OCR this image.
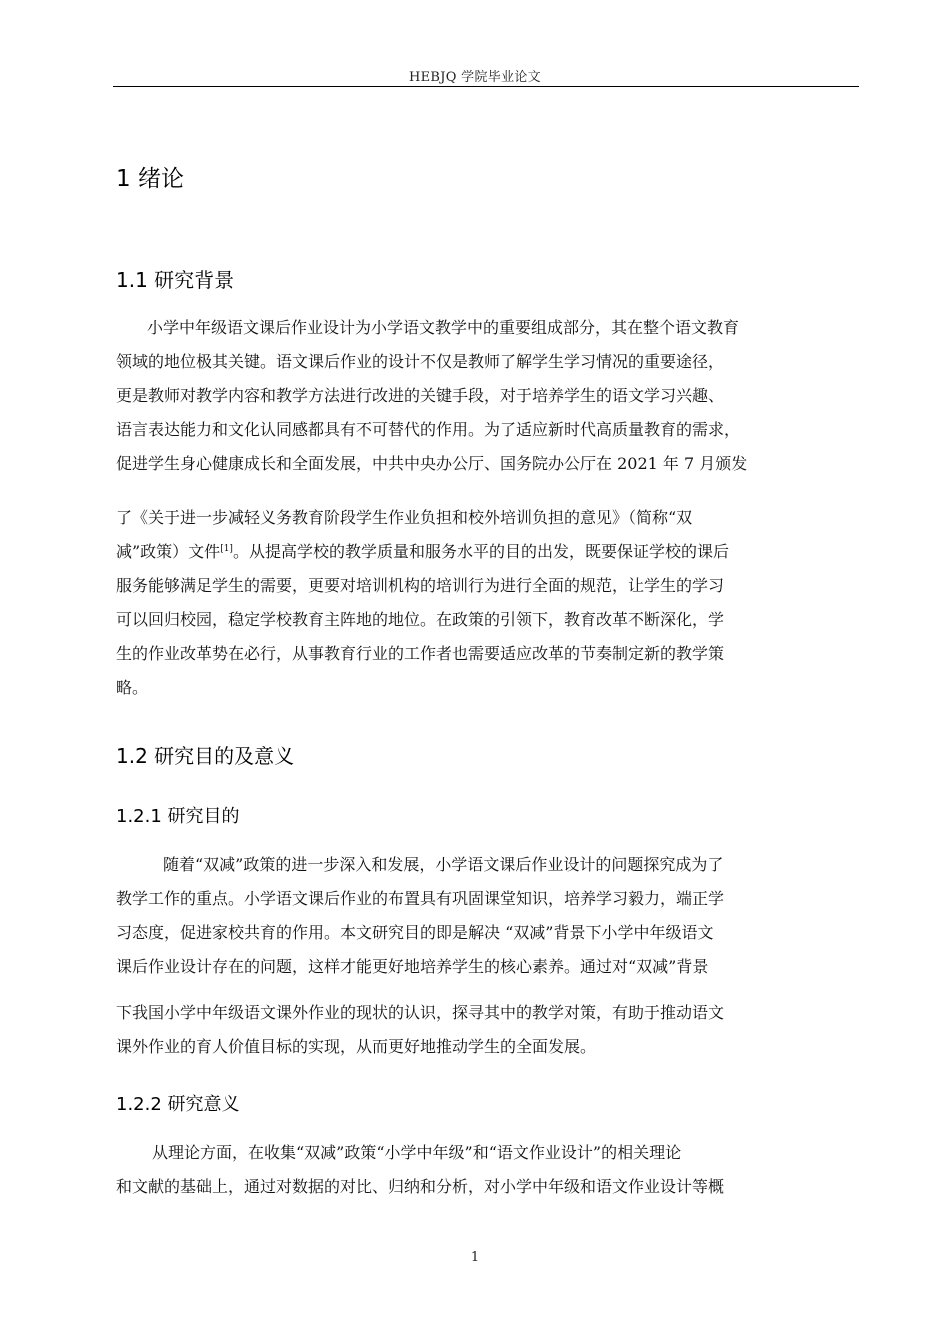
HEBJQ 学院毕业论文
1 绪论
1.1 研究背景

小学中年级语文课后作业设计为小学语文教学中的重要组成部分，其在整个语文教育

领域的地位极其关键。语文课后作业的设计不仅是教师了解学生学习情况的重要途径，

更是教师对教学内容和教学方法进行改进的关键手段，对于培养学生的语文学习兴趣、

语言表达能力和文化认同感都具有不可替代的作用。为了适应新时代高质量教育的需求，

促进学生身心健康成长和全面发展，中共中央办公厅、国务院办公厅在 2021 年 7 月颁发

了《关于进一步减轻义务教育阶段学生作业负担和校外培训负担的意见》（简称“双

减”政策）文件[1]。从提高学校的教学质量和服务水平的目的出发，既要保证学校的课后

服务能够满足学生的需要，更要对培训机构的培训行为进行全面的规范，让学生的学习

可以回归校园，稳定学校教育主阵地的地位。在政策的引领下，教育改革不断深化，学

生的作业改革势在必行，从事教育行业的工作者也需要适应改革的节奏制定新的教学策

略。

1.2 研究目的及意义
1.2.1 研究目的

随着“双减”政策的进一步深入和发展，小学语文课后作业设计的问题探究成为了

教学工作的重点。小学语文课后作业的布置具有巩固课堂知识，培养学习毅力，端正学

习态度，促进家校共育的作用。本文研究目的即是解决 “双减”背景下小学中年级语文

课后作业设计存在的问题，这样才能更好地培养学生的核心素养。通过对“双减”背景

下我国小学中年级语文课外作业的现状的认识，探寻其中的教学对策，有助于推动语文

课外作业的育人价值目标的实现，从而更好地推动学生的全面发展。

1.2.2 研究意义

从理论方面，在收集“双减”政策“小学中年级”和“语文作业设计”的相关理论

和文献的基础上，通过对数据的对比、归纳和分析，对小学中年级和语文作业设计等概

1
